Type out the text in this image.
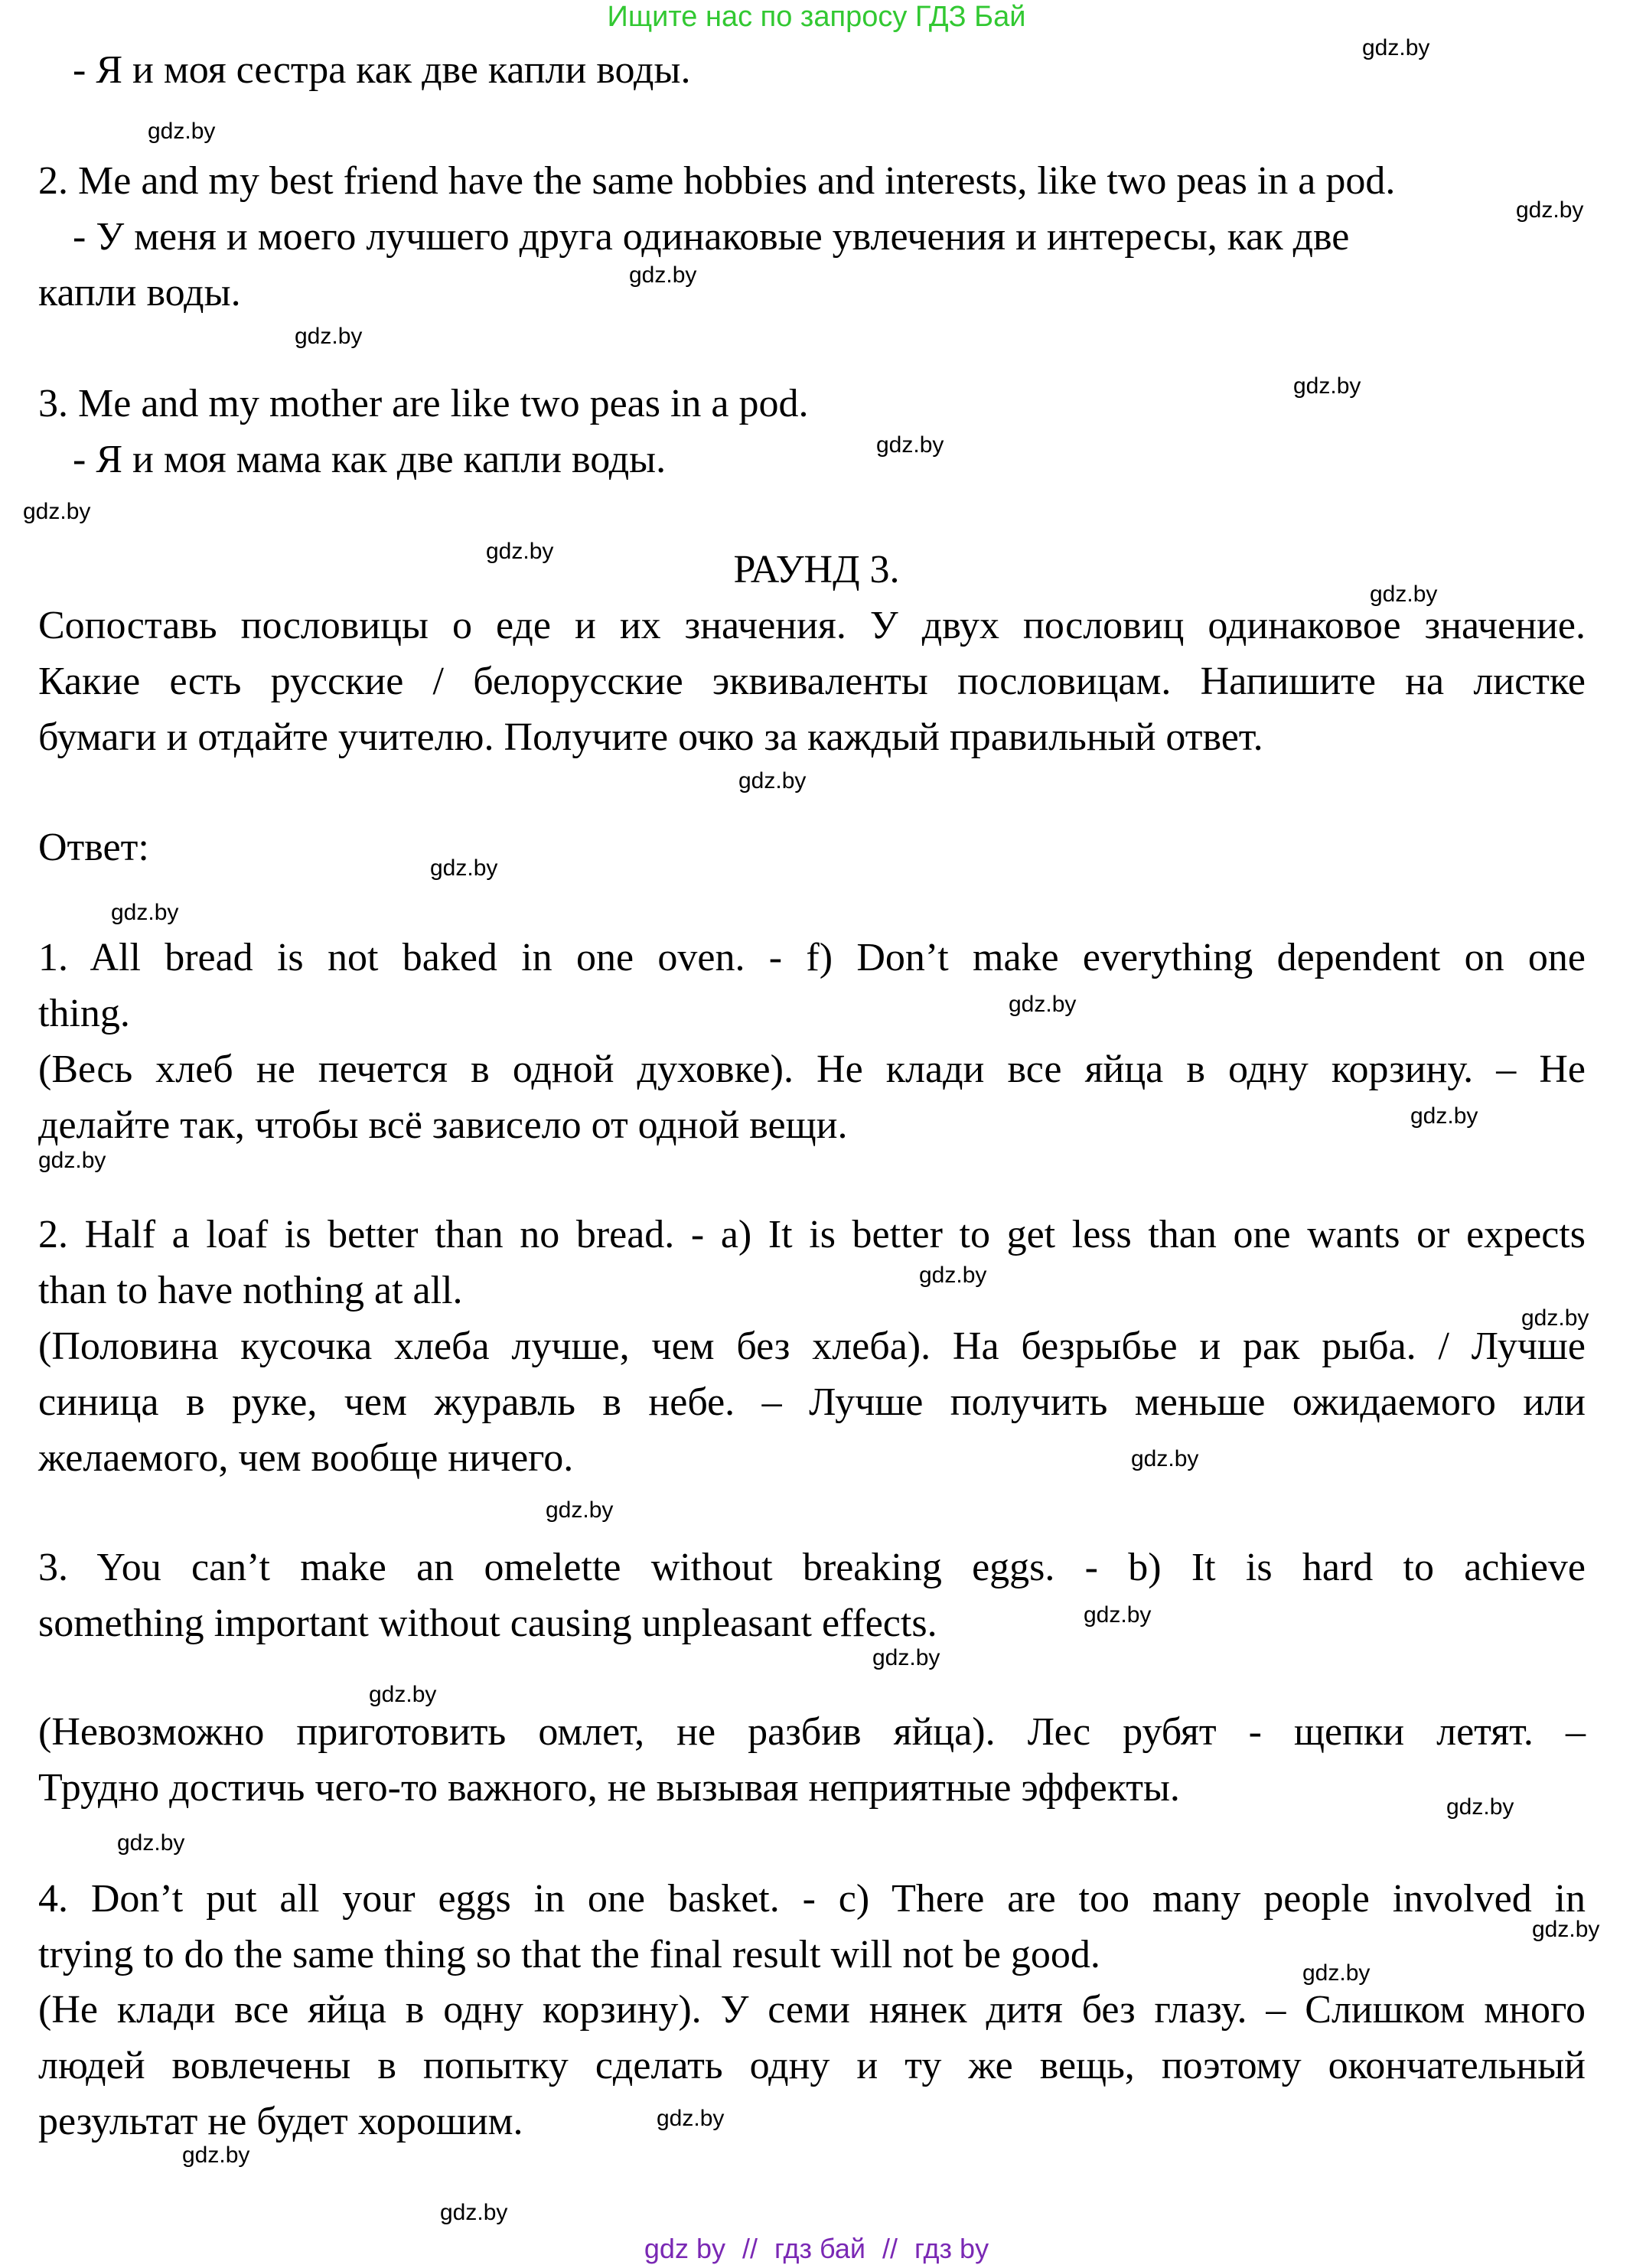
Ищите нас по запросу ГДЗ Бай
- Я и моя сестра как две капли воды.
2. Me and my best friend have the same hobbies and interests, like two peas in a pod.
- У меня и моего лучшего друга одинаковые увлечения и интересы, как две
капли воды.
3. Me and my mother are like two peas in a pod.
- Я и моя мама как две капли воды.
РАУНД 3.
Сопоставь пословицы о еде и их значения. У двух пословиц одинаковое значение.
Какие есть русские / белорусские эквиваленты пословицам. Напишите на листке
бумаги и отдайте учителю. Получите очко за каждый правильный ответ.
Ответ:
1. All bread is not baked in one oven. - f) Don’t make everything dependent on one
thing.
(Весь хлеб не печется в одной духовке). Не клади все яйца в одну корзину. – Не
делайте так, чтобы всё зависело от одной вещи.
2. Half a loaf is better than no bread. - a) It is better to get less than one wants or expects
than to have nothing at all.
(Половина кусочка хлеба лучше, чем без хлеба). На безрыбье и рак рыба. / Лучше
синица в руке, чем журавль в небе. – Лучше получить меньше ожидаемого или
желаемого, чем вообще ничего.
3. You can’t make an omelette without breaking eggs. - b) It is hard to achieve
something important without causing unpleasant effects.
(Невозможно приготовить омлет, не разбив яйца). Лес рубят - щепки летят. –
Трудно достичь чего-то важного, не вызывая неприятные эффекты.
4. Don’t put all your eggs in one basket. - c) There are too many people involved in
trying to do the same thing so that the final result will not be good.
(Не клади все яйца в одну корзину). У семи нянек дитя без глазу. – Слишком много
людей вовлечены в попытку сделать одну и ту же вещь, поэтому окончательный
результат не будет хорошим.
gdz.by
gdz.by
gdz.by
gdz.by
gdz.by
gdz.by
gdz.by
gdz.by
gdz.by
gdz.by
gdz.by
gdz.by
gdz.by
gdz.by
gdz.by
gdz.by
gdz.by
gdz.by
gdz.by
gdz.by
gdz.by
gdz.by
gdz.by
gdz.by
gdz.by
gdz.by
gdz.by
gdz.by
gdz.by
gdz.by
gdz by // гдз бай // гдз by
